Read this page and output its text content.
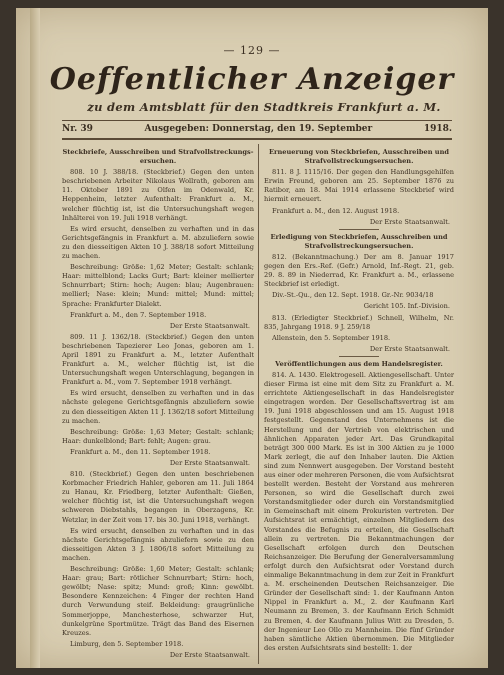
— 129 —
Oeffentlicher Anzeiger
zu dem Amtsblatt für den Stadtkreis Frankfurt a. M.
Nr. 39	Ausgegeben: Donnerstag, den 19. September	1918.
Steckbriefe, Ausschreiben und Strafvollstreckungs-ersuchen.
808. 10 J. 388/18. (Steckbrief.) Gegen den unten beschriebenen Arbeiter Nikolaus Wollrath, geboren am 11. Oktober 1891 zu Olfen im Odenwald, Kr. Heppenheim, letzter Aufenthalt: Frankfurt a. M., welcher flüchtig ist, ist die Untersuchungshaft wegen Inhälterei von 19. Juli 1918 verhängt.
Es wird ersucht, denselben zu verhaften und in das Gerichtsgefängnis in Frankfurt a. M. abzuliefern sowie zu den diesseitigen Akten 10 J. 388/18 sofort Mitteilung zu machen.
Beschreibung: Größe: 1,62 Meter; Gestalt: schlank; Haar: mittelblond; Lacks Gurt; Bart: kleiner mellierter Schnurrbart; Stirn: hoch; Augen: blau; Augenbrauen: mellierl; Nase: klein; Mund: mittel; Mund: mittel; Sprache: Frankfurter Dialekt.
Frankfurt a. M., den 7. September 1918.
Der Erste Staatsanwalt.
809. 11 J. 1362/18. (Steckbrief.) Gegen den unten beschriebenen Tapezierer Leo Jonas, geboren am 1. April 1891 zu Frankfurt a. M., letzter Aufenthalt Frankfurt a. M., welcher flüchtig ist, ist die Untersuchungshaft wegen Unterschlagung, begangen in Frankfurt a. M., vom 7. September 1918 verhängt.
Es wird ersucht, denselben zu verhaften und in das nächste gelegene Gerichtsgefängnis abzuliefern sowie zu den diesseitigen Akten 11 J. 1362/18 sofort Mitteilung zu machen.
Beschreibung: Größe: 1,63 Meter; Gestalt: schlank; Haar: dunkelblond; Bart: fehlt; Augen: grau.
Frankfurt a. M., den 11. September 1918.
Der Erste Staatsanwalt.
810. (Steckbrief.) Gegen den unten beschriebenen Korbmacher Friedrich Hahler, geboren am 11. Juli 1864 zu Hanau, Kr. Friedberg, letzter Aufenthalt: Gießen, welcher flüchtig ist, ist die Untersuchungshaft wegen schweren Diebstahls, begangen in Oberzagens, Kr. Wetzlar, in der Zeit vom 17. bis 30. Juni 1918, verhängt.
Es wird ersucht, denselben zu verhaften und in das nächste Gerichtsgefängnis abzuliefern sowie zu den diesseitigen Akten 3 J. 1806/18 sofort Mitteilung zu machen.
Beschreibung: Größe: 1,60 Meter; Gestalt: schlank; Haar: grau; Bart: rötlicher Schnurrbart; Stirn: hoch, gewölbt; Nase: spitz; Mund: groß; Kinn: gewölbt. Besondere Kennzeichen: 4 Finger der rechten Hand durch Verwundung steif. Bekleidung: graugrünliche Sommerjoppe, Manchesterhose, schwarzer Hut, dunkelgrüne Sportmütze. Trägt das Band des Eisernen Kreuzes.
Limburg, den 5. September 1918.
Der Erste Staatsanwalt.
Erneuerung von Steckbriefen, Ausschreiben und Strafvollstreckungsersuchen.
811. 8 J. 1115/16. Der gegen den Handlungsgehilfen Erwin Freund, geboren am 25. September 1876 zu Ratibor, am 18. Mai 1914 erlassene Steckbrief wird hiermit erneuert.
Frankfurt a. M., den 12. August 1918.
Der Erste Staatsanwalt.
Erledigung von Steckbriefen, Ausschreiben und Strafvollstreckungsersuchen.
812. (Bekanntmachung.) Der am 8. Januar 1917 gegen den Ers.-Ref. (Gefr.) Arnold, Inf.-Regt. 21, geb. 29. 8. 89 in Niederrad, Kr. Frankfurt a. M., erlassene Steckbrief ist erledigt.
Div.-St.-Qu., den 12. Sept. 1918. Gr.-Nr. 9034/18
Gericht 105. Inf.-Division.
813. (Erledigter Steckbrief.) Schnell, Wilhelm, Nr. 835, Jahrgang 1918. 9 J. 259/18
Allenstein, den 5. September 1918.
Der Erste Staatsanwalt.
Veröffentlichungen aus dem Handelsregister.
814. A. 1430. Elektrogesell. Aktiengesellschaft. Unter dieser Firma ist eine mit dem Sitz zu Frankfurt a. M. errichtete Aktiengesellschaft in das Handelsregister eingetragen worden. Der Gesellschaftsvertrag ist am 19. Juni 1918 abgeschlossen und am 15. August 1918 festgestellt. Gegenstand des Unternehmens ist die Herstellung und der Vertrieb von elektrischen und ähnlichen Apparaten jeder Art. Das Grundkapital beträgt 300 000 Mark. Es ist in 300 Aktien zu je 1000 Mark zerlegt, die auf den Inhaber lauten. Die Aktien sind zum Nennwert ausgegeben. Der Vorstand besteht aus einer oder mehreren Personen, die vom Aufsichtsrat bestellt werden. Besteht der Vorstand aus mehreren Personen, so wird die Gesellschaft durch zwei Vorstandsmitglieder oder durch ein Vorstandsmitglied in Gemeinschaft mit einem Prokuristen vertreten. Der Aufsichtsrat ist ermächtigt, einzelnen Mitgliedern des Vorstandes die Befugnis zu erteilen, die Gesellschaft allein zu vertreten. Die Bekanntmachungen der Gesellschaft erfolgen durch den Deutschen Reichsanzeiger. Die Berufung der Generalversammlung erfolgt durch den Aufsichtsrat oder Vorstand durch einmalige Bekanntmachung in dem zur Zeit in Frankfurt a. M. erscheinenden Deutschen Reichsanzeiger. Die Gründer der Gesellschaft sind: 1. der Kaufmann Anton Nippel in Frankfurt a. M., 2. der Kaufmann Karl Neumann zu Bremen, 3. der Kaufmann Erich Schmidt zu Bremen, 4. der Kaufmann Julius Witt zu Dresden, 5. der Ingenieur Leo Ollo zu Mannheim. Die fünf Gründer haben sämtliche Aktien übernommen. Die Mitglieder des ersten Aufsichtsrats sind bestellt: 1. der
